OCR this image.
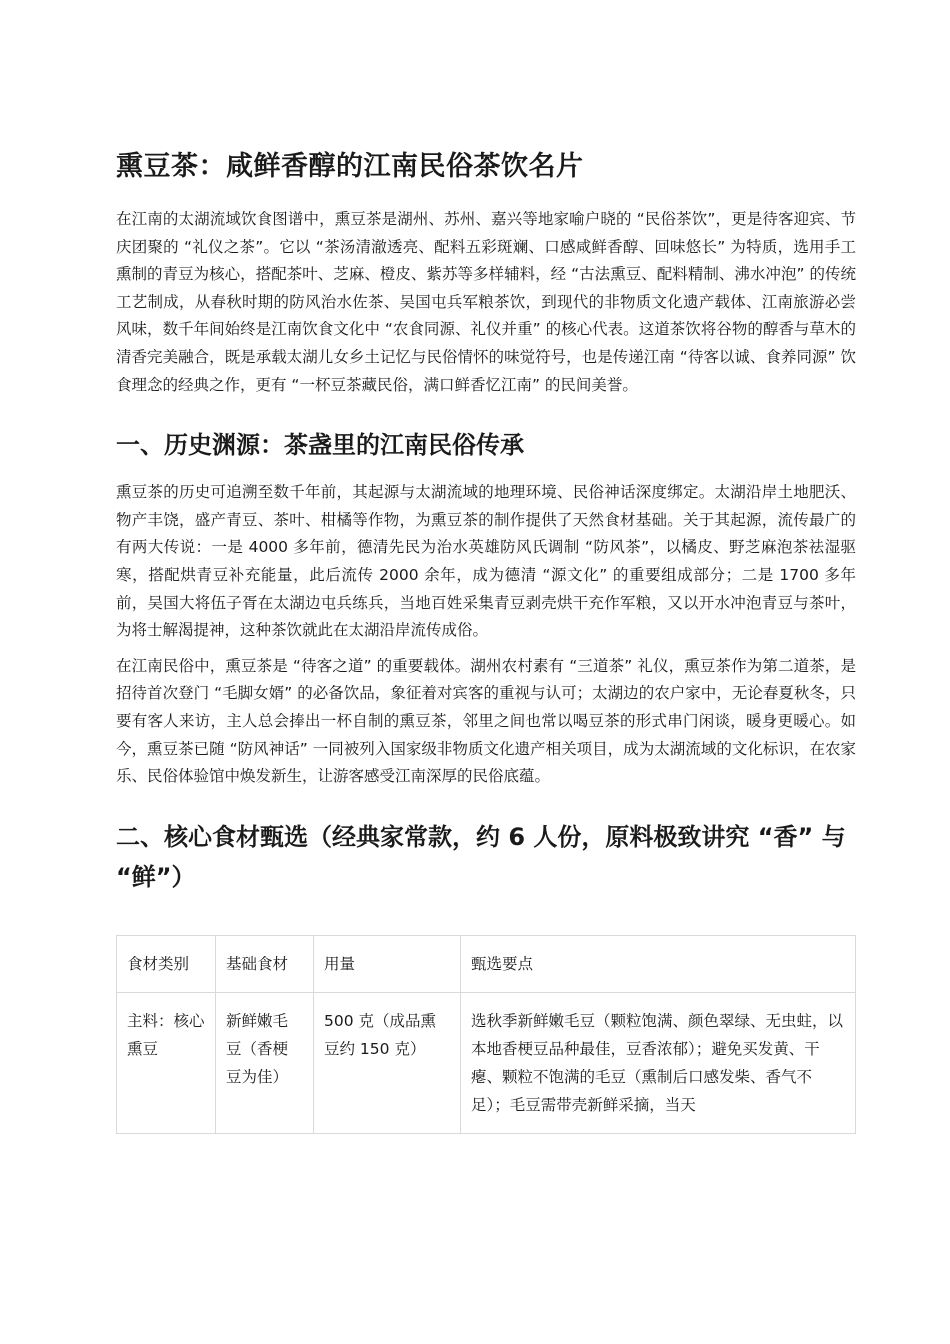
熏豆茶：咸鲜香醇的江南民俗茶饮名片

在江南的太湖流域饮食图谱中，熏豆茶是湖州、苏州、嘉兴等地家喻户晓的 “民俗茶饮”，更是待客迎宾、节庆团聚的 “礼仪之茶”。它以 “茶汤清澈透亮、配料五彩斑斓、口感咸鲜香醇、回味悠长” 为特质，选用手工熏制的青豆为核心，搭配茶叶、芝麻、橙皮、紫苏等多样辅料，经 “古法熏豆、配料精制、沸水冲泡” 的传统工艺制成，从春秋时期的防风治水佐茶、吴国屯兵军粮茶饮，到现代的非物质文化遗产载体、江南旅游必尝风味，数千年间始终是江南饮食文化中 “农食同源、礼仪并重” 的核心代表。这道茶饮将谷物的醇香与草木的清香完美融合，既是承载太湖儿女乡土记忆与民俗情怀的味觉符号，也是传递江南 “待客以诚、食养同源” 饮食理念的经典之作，更有 “一杯豆茶藏民俗，满口鲜香忆江南” 的民间美誉。

一、历史渊源：茶盏里的江南民俗传承

熏豆茶的历史可追溯至数千年前，其起源与太湖流域的地理环境、民俗神话深度绑定。太湖沿岸土地肥沃、物产丰饶，盛产青豆、茶叶、柑橘等作物，为熏豆茶的制作提供了天然食材基础。关于其起源，流传最广的有两大传说：一是 4000 多年前，德清先民为治水英雄防风氏调制 “防风茶”，以橘皮、野芝麻泡茶祛湿驱寒，搭配烘青豆补充能量，此后流传 2000 余年，成为德清 “源文化” 的重要组成部分；二是 1700 多年前，吴国大将伍子胥在太湖边屯兵练兵，当地百姓采集青豆剥壳烘干充作军粮，又以开水冲泡青豆与茶叶，为将士解渴提神，这种茶饮就此在太湖沿岸流传成俗。

在江南民俗中，熏豆茶是 “待客之道” 的重要载体。湖州农村素有 “三道茶” 礼仪，熏豆茶作为第二道茶，是招待首次登门 “毛脚女婿” 的必备饮品，象征着对宾客的重视与认可；太湖边的农户家中，无论春夏秋冬，只要有客人来访，主人总会捧出一杯自制的熏豆茶，邻里之间也常以喝豆茶的形式串门闲谈，暖身更暖心。如今，熏豆茶已随 “防风神话” 一同被列入国家级非物质文化遗产相关项目，成为太湖流域的文化标识，在农家乐、民俗体验馆中焕发新生，让游客感受江南深厚的民俗底蕴。

二、核心食材甄选（经典家常款，约 6 人份，原料极致讲究 “香” 与 “鲜”）
食材类别	基础食材	用量	甄选要点
主料：核心熏豆	新鲜嫩毛豆（香梗豆为佳）	500 克（成品熏豆约 150 克）	选秋季新鲜嫩毛豆（颗粒饱满、颜色翠绿、无虫蛀，以本地香梗豆品种最佳，豆香浓郁）；避免买发黄、干瘪、颗粒不饱满的毛豆（熏制后口感发柴、香气不足）；毛豆需带壳新鲜采摘，当天
